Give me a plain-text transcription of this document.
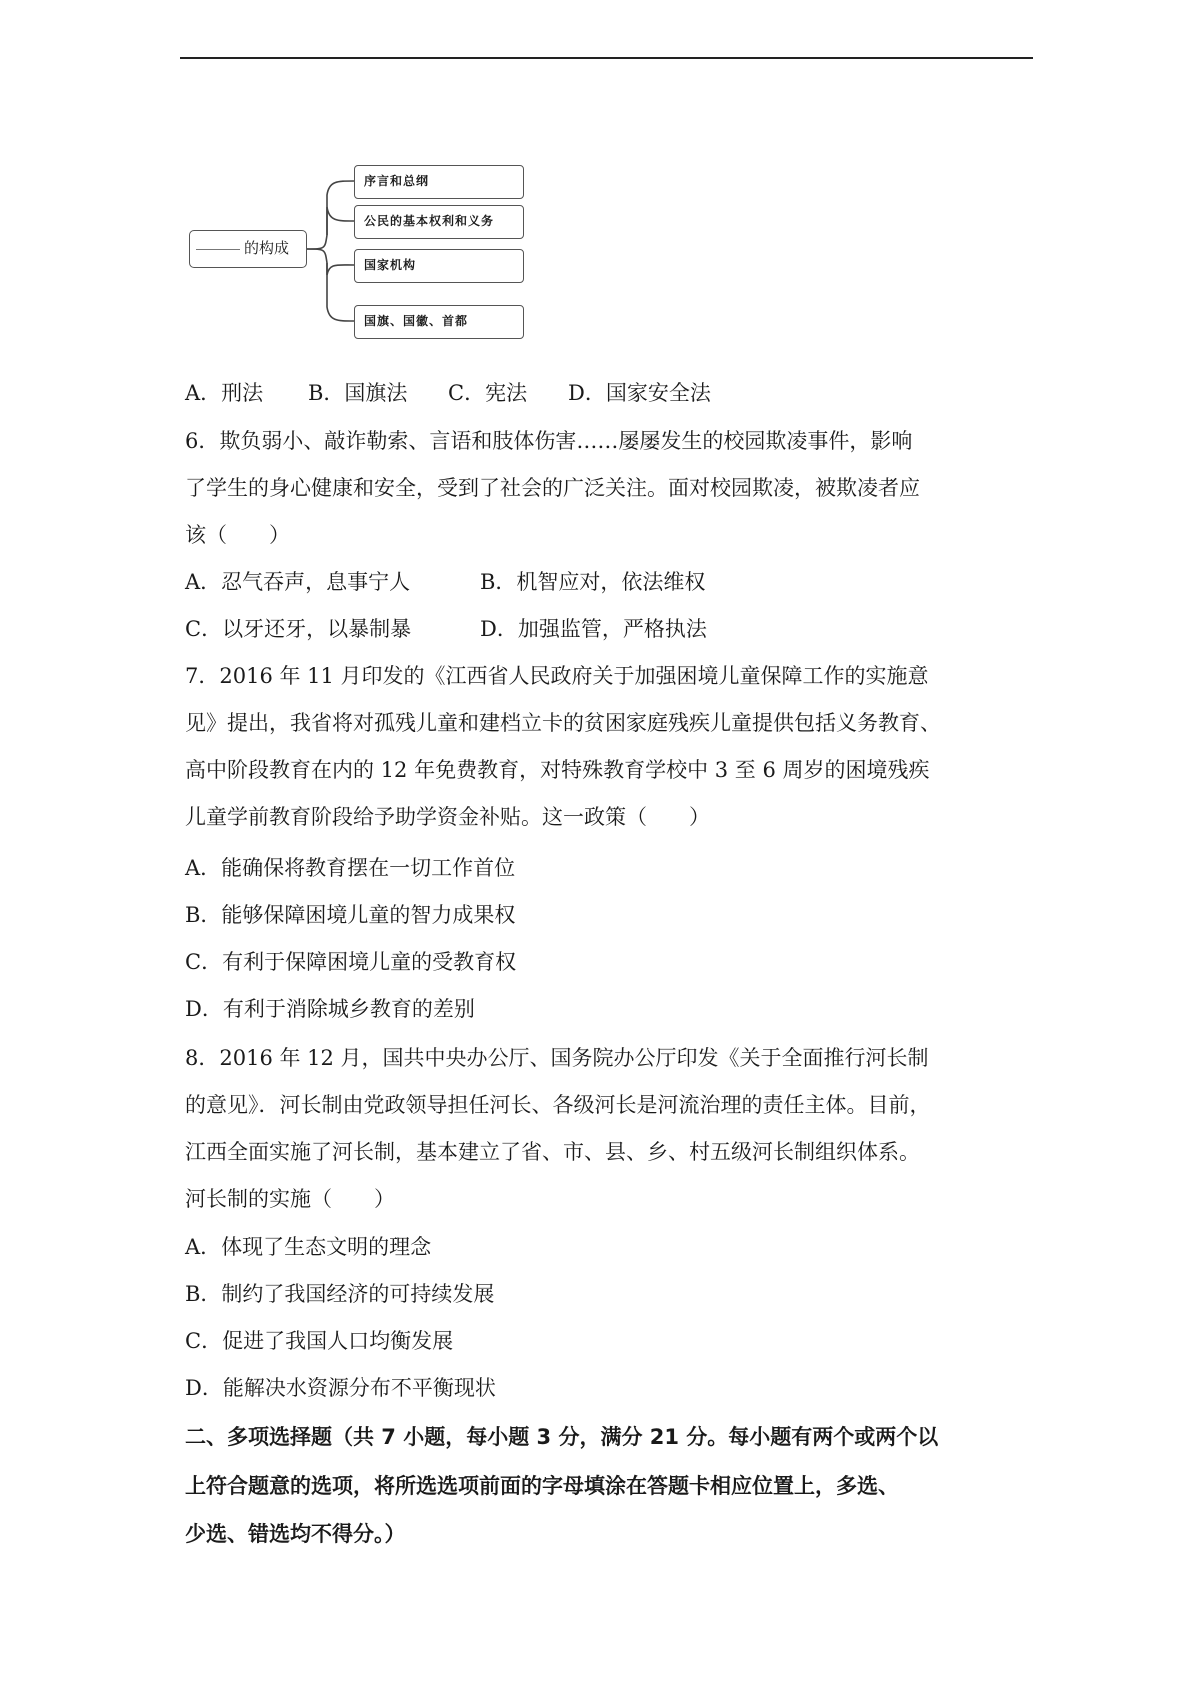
的构成
序言和总纲
公民的基本权利和义务
国家机构
国旗、国徽、首都
A．刑法 B．国旗法 C．宪法 D．国家安全法
6．欺负弱小、敲诈勒索、言语和肢体伤害……屡屡发生的校园欺凌事件，影响
了学生的身心健康和安全，受到了社会的广泛关注。面对校园欺凌，被欺凌者应
该（　　）
A．忍气吞声，息事宁人	B．机智应对，依法维权
C．以牙还牙，以暴制暴	D．加强监管，严格执法
7．2016 年 11 月印发的《江西省人民政府关于加强困境儿童保障工作的实施意
见》提出，我省将对孤残儿童和建档立卡的贫困家庭残疾儿童提供包括义务教育、
高中阶段教育在内的 12 年免费教育，对特殊教育学校中 3 至 6 周岁的困境残疾
儿童学前教育阶段给予助学资金补贴。这一政策（　　）
A．能确保将教育摆在一切工作首位
B．能够保障困境儿童的智力成果权
C．有利于保障困境儿童的受教育权
D．有利于消除城乡教育的差别
8．2016 年 12 月，国共中央办公厅、国务院办公厅印发《关于全面推行河长制
的意见》．河长制由党政领导担任河长、各级河长是河流治理的责任主体。目前，
江西全面实施了河长制，基本建立了省、市、县、乡、村五级河长制组织体系。
河长制的实施（　　）
A．体现了生态文明的理念
B．制约了我国经济的可持续发展
C．促进了我国人口均衡发展
D．能解决水资源分布不平衡现状
二、多项选择题（共 7 小题，每小题 3 分，满分 21 分。每小题有两个或两个以
上符合题意的选项，将所选选项前面的字母填涂在答题卡相应位置上，多选、
少选、错选均不得分。）
